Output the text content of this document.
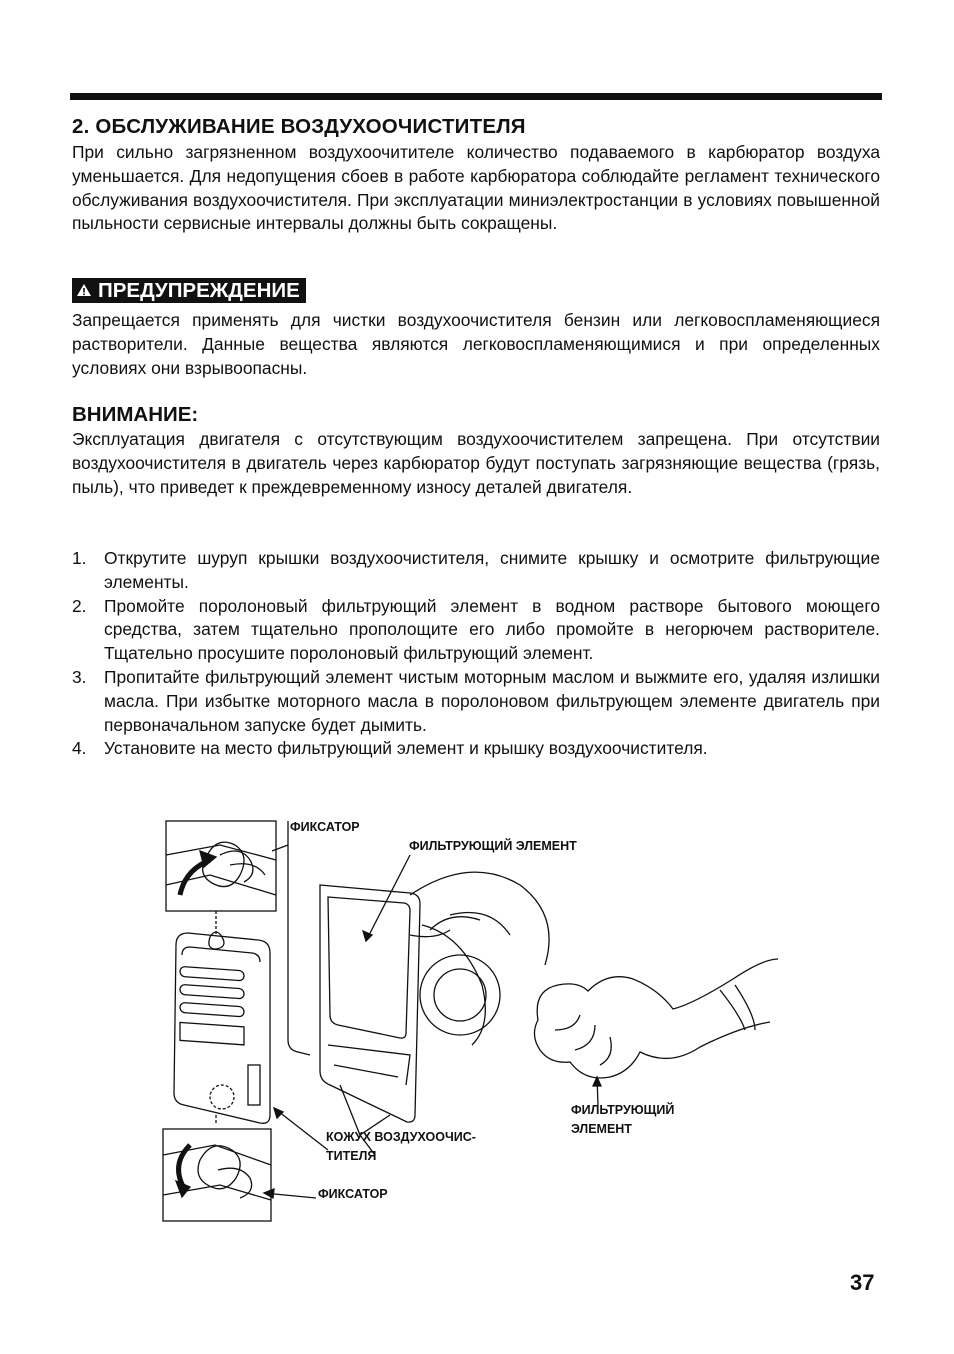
2. ОБСЛУЖИВАНИЕ ВОЗДУХООЧИСТИТЕЛЯ
При сильно загрязненном воздухоочитителе количество подаваемого в карбюратор воздуха уменьшается. Для недопущения сбоев в работе карбюратора соблюдайте регламент технического обслуживания воздухоочистителя. При эксплуатации миниэлектростанции в условиях повышенной пыльности сервисные интервалы должны быть сокращены.
ПРЕДУПРЕЖДЕНИЕ
Запрещается применять для чистки воздухоочистителя бензин или легковоспламеняющиеся растворители. Данные вещества являются легковоспламеняющимися и при определенных условиях они взрывоопасны.
ВНИМАНИЕ:
Эксплуатация двигателя с отсутствующим воздухоочистителем запрещена. При отсутствии воздухоочистителя в двигатель через карбюратор будут поступать загрязняющие вещества (грязь, пыль), что приведет к преждевременному износу деталей двигателя.
1.	Открутите шуруп крышки воздухоочистителя, снимите крышку и осмотрите фильтрующие элементы.
2.	Промойте поролоновый фильтрующий элемент в водном растворе бытового моющего средства, затем тщательно прополощите его либо промойте в негорючем растворителе. Тщательно просушите поролоновый фильтрующий элемент.
3.	Пропитайте фильтрующий элемент чистым моторным маслом и выжмите его, удаляя излишки масла. При избытке моторного масла в поролоновом фильтрующем элементе двигатель при первоначальном запуске будет дымить.
4.	Установите на место фильтрующий элемент и крышку воздухоочистителя.
ФИКСАТОР
ФИЛЬТРУЮЩИЙ ЭЛЕМЕНТ
КОЖУХ ВОЗДУХООЧИС-
ТИТЕЛЯ
ФИКСАТОР
ФИЛЬТРУЮЩИЙ
ЭЛЕМЕНТ
37
